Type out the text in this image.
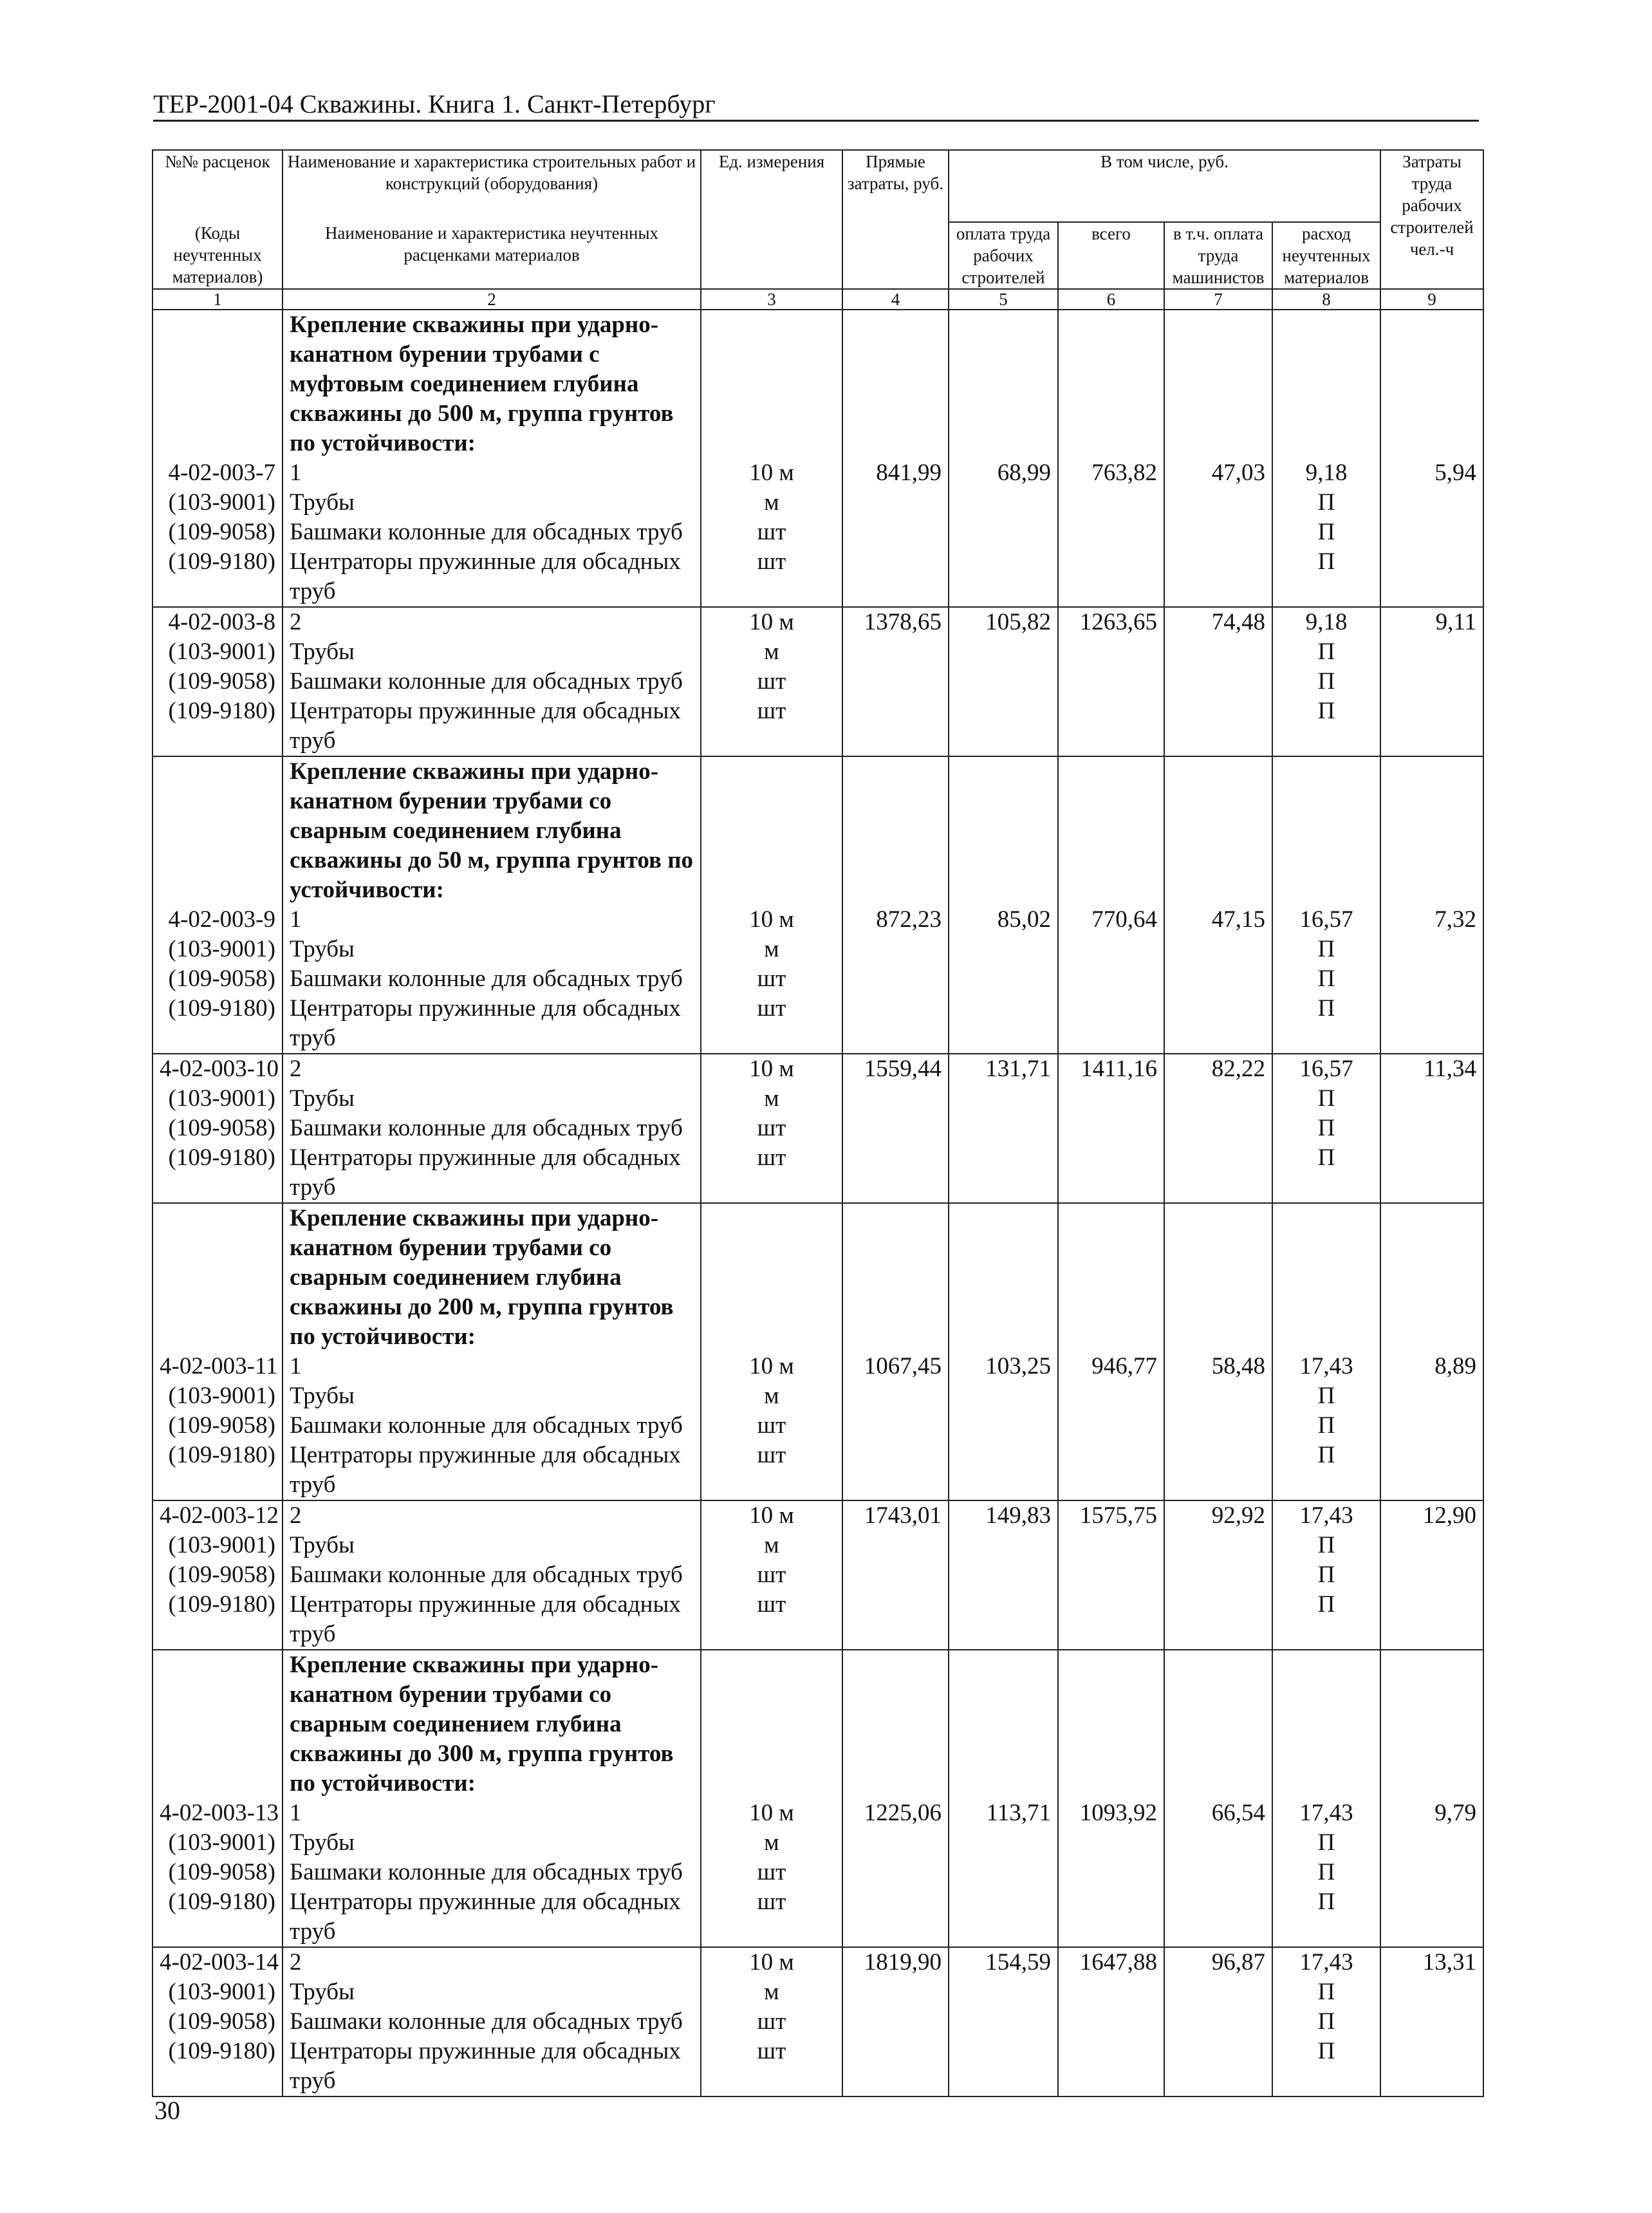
ТЕР-2001-04 Скважины. Книга 1. Санкт-Петербург
№№ расценок	Наименование и характеристика строительных работ и конструкций (оборудования)	Ед. измерения	Прямые затраты, руб.	В том числе, руб.				Затраты труда рабочих строителей чел.-ч
(Коды неучтенных материалов)	Наименование и характеристика неучтенных расценками материалов			оплата труда рабочих строителей	всего	в т.ч. оплата труда машинистов	расход неучтенных материалов	
1	2	3	4	5	6	7	8	9
	Крепление скважины при ударно-канатном бурении трубами с муфтовым соединением глубина скважины до 500 м, группа грунтов по устойчивости:							
4-02-003-7	1	10 м	841,99	68,99	763,82	47,03	9,18	5,94
(103-9001)	Трубы	м					П	
(109-9058)	Башмаки колонные для обсадных труб	шт					П	
(109-9180)	Центраторы пружинные для обсадных труб	шт					П	
4-02-003-8	2	10 м	1378,65	105,82	1263,65	74,48	9,18	9,11
(103-9001)	Трубы	м					П	
(109-9058)	Башмаки колонные для обсадных труб	шт					П	
(109-9180)	Центраторы пружинные для обсадных труб	шт					П	
	Крепление скважины при ударно-канатном бурении трубами со сварным соединением глубина скважины до 50 м, группа грунтов по устойчивости:							
4-02-003-9	1	10 м	872,23	85,02	770,64	47,15	16,57	7,32
(103-9001)	Трубы	м					П	
(109-9058)	Башмаки колонные для обсадных труб	шт					П	
(109-9180)	Центраторы пружинные для обсадных труб	шт					П	
4-02-003-10	2	10 м	1559,44	131,71	1411,16	82,22	16,57	11,34
(103-9001)	Трубы	м					П	
(109-9058)	Башмаки колонные для обсадных труб	шт					П	
(109-9180)	Центраторы пружинные для обсадных труб	шт					П	
	Крепление скважины при ударно-канатном бурении трубами со сварным соединением глубина скважины до 200 м, группа грунтов по устойчивости:							
4-02-003-11	1	10 м	1067,45	103,25	946,77	58,48	17,43	8,89
(103-9001)	Трубы	м					П	
(109-9058)	Башмаки колонные для обсадных труб	шт					П	
(109-9180)	Центраторы пружинные для обсадных труб	шт					П	
4-02-003-12	2	10 м	1743,01	149,83	1575,75	92,92	17,43	12,90
(103-9001)	Трубы	м					П	
(109-9058)	Башмаки колонные для обсадных труб	шт					П	
(109-9180)	Центраторы пружинные для обсадных труб	шт					П	
	Крепление скважины при ударно-канатном бурении трубами со сварным соединением глубина скважины до 300 м, группа грунтов по устойчивости:							
4-02-003-13	1	10 м	1225,06	113,71	1093,92	66,54	17,43	9,79
(103-9001)	Трубы	м					П	
(109-9058)	Башмаки колонные для обсадных труб	шт					П	
(109-9180)	Центраторы пружинные для обсадных труб	шт					П	
4-02-003-14	2	10 м	1819,90	154,59	1647,88	96,87	17,43	13,31
(103-9001)	Трубы	м					П	
(109-9058)	Башмаки колонные для обсадных труб	шт					П	
(109-9180)	Центраторы пружинные для обсадных труб	шт					П	
30
